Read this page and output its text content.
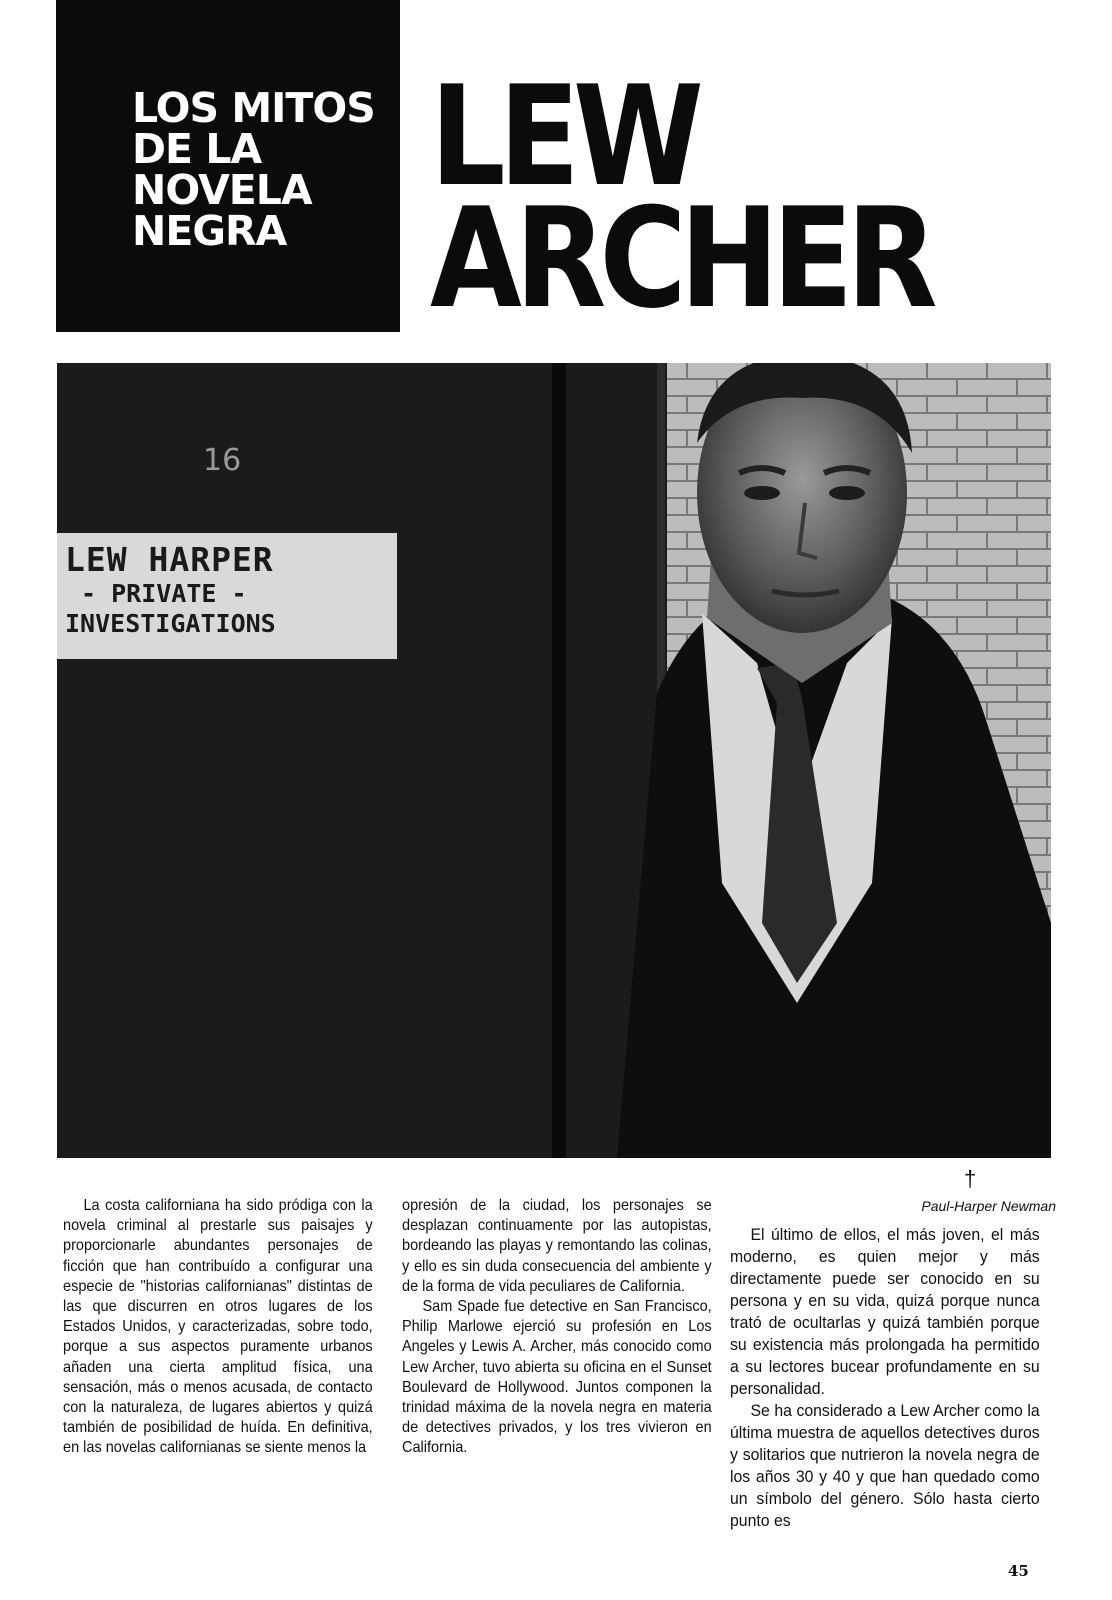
LOS MITOS
DE LA
NOVELA
NEGRA
LEW
ARCHER
16
LEW HARPER
- PRIVATE -
INVESTIGATIONS
†
Paul-Harper Newman

La costa californiana ha sido pródiga con la novela criminal al prestarle sus paisajes y proporcionarle abundantes personajes de ficción que han contribuído a configurar una especie de "historias californianas" distintas de las que discurren en otros lugares de los Estados Unidos, y caracterizadas, sobre todo, porque a sus aspectos puramente urbanos añaden una cierta amplitud física, una sensación, más o menos acusada, de contacto con la naturaleza, de lugares abiertos y quizá también de posibilidad de huída. En definitiva, en las novelas californianas se siente menos la

opresión de la ciudad, los personajes se desplazan continuamente por las autopistas, bordeando las playas y remontando las colinas, y ello es sin duda consecuencia del ambiente y de la forma de vida peculiares de California.

Sam Spade fue detective en San Francisco, Philip Marlowe ejerció su profesión en Los Angeles y Lewis A. Archer, más conocido como Lew Archer, tuvo abierta su oficina en el Sunset Boulevard de Hollywood. Juntos componen la trinidad máxima de la novela negra en materia de detectives privados, y los tres vivieron en California.

El último de ellos, el más joven, el más moderno, es quien mejor y más directamente puede ser conocido en su persona y en su vida, quizá porque nunca trató de ocultarlas y quizá también porque su existencia más prolongada ha permitido a su lectores bucear profundamente en su personalidad.

Se ha considerado a Lew Archer como la última muestra de aquellos detectives duros y solitarios que nutrieron la novela negra de los años 30 y 40 y que han quedado como un símbolo del género. Sólo hasta cierto punto es

45
